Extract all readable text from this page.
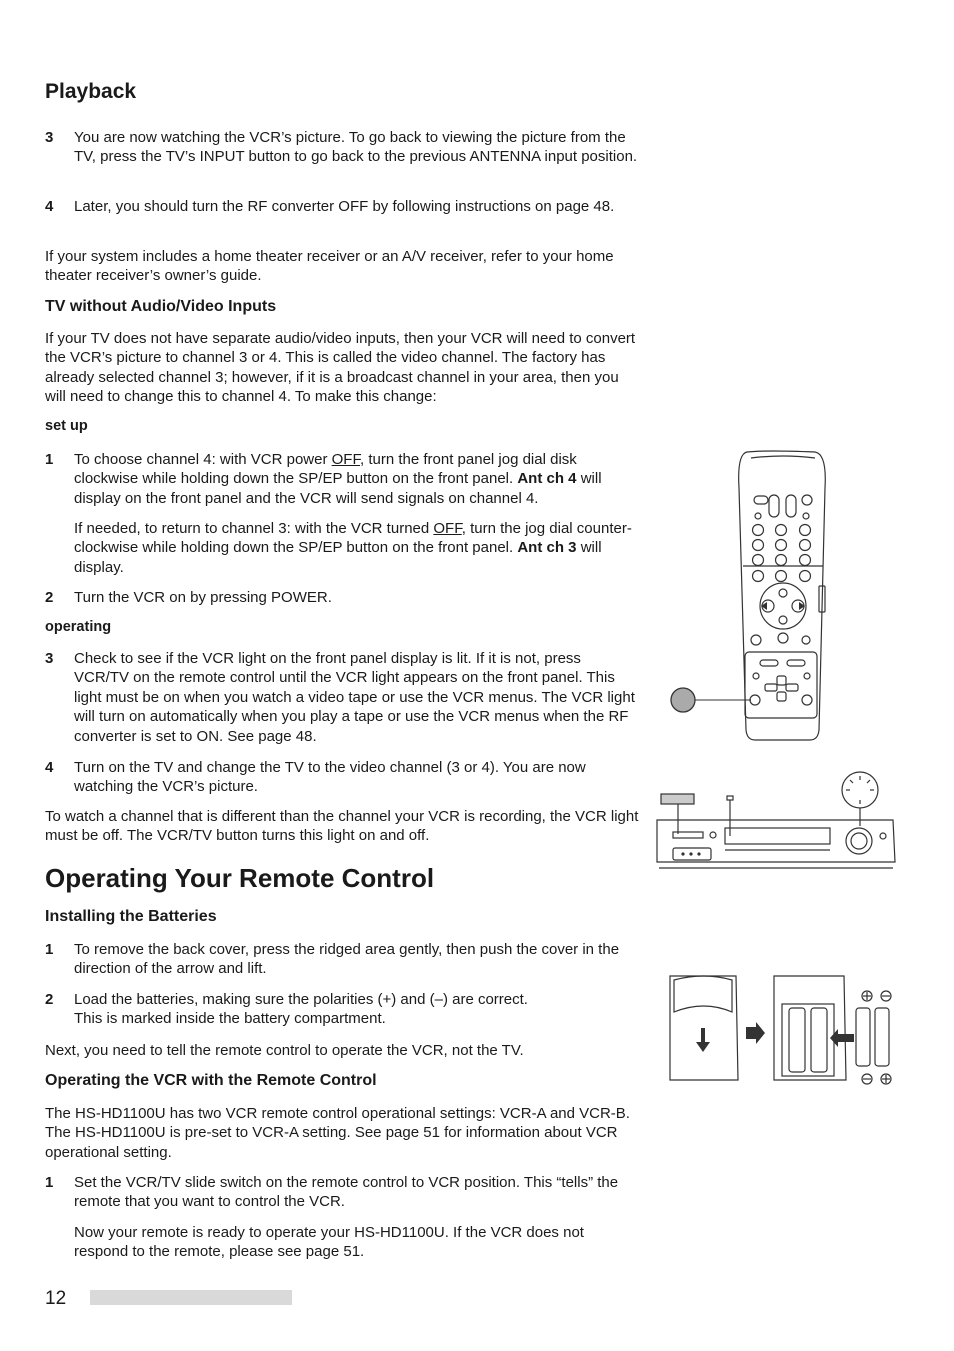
Playback
3	You are now watching the VCR’s picture. To go back to viewing the picture from the TV, press the TV’s INPUT button to go back to the previous ANTENNA input position.
4	Later, you should turn the RF converter OFF by following instructions on page 48.
If your system includes a home theater receiver or an A/V receiver, refer to your home theater receiver’s owner’s guide.
TV without Audio/Video Inputs
If your TV does not have separate audio/video inputs, then your VCR will need to convert the VCR’s picture to channel 3 or 4. This is called the video channel. The factory has already selected channel 3; however, if it is a broadcast channel in your area, then you will need to change this to channel 4. To make this change:
set up
1	To choose channel 4: with VCR power OFF, turn the front panel jog dial disk clockwise while holding down the SP/EP button on the front panel. Ant ch 4 will display on the front panel and the VCR will send signals on channel 4.
If needed, to return to channel 3: with the VCR turned OFF, turn the jog dial counter-clockwise while holding down the SP/EP button on the front panel. Ant ch 3 will display.
2	Turn the VCR on by pressing POWER.
operating
3	Check to see if the VCR light on the front panel display is lit. If it is not, press VCR/TV on the remote control until the VCR light appears on the front panel. This light must be on when you watch a video tape or use the VCR menus. The VCR light will turn on automatically when you play a tape or use the VCR menus when the RF converter is set to ON. See page 48.
4	Turn on the TV and change the TV to the video channel (3 or 4). You are now watching the VCR’s picture.
To watch a channel that is different than the channel your VCR is recording, the VCR light must be off. The VCR/TV button turns this light on and off.
Operating Your Remote Control
Installing the Batteries
1	To remove the back cover, press the ridged area gently, then push the cover in the direction of the arrow and lift.
2	Load the batteries, making sure the polarities (+) and (–) are correct.
This is marked inside the battery compartment.
Next, you need to tell the remote control to operate the VCR, not the TV.
Operating the VCR with the Remote Control
The HS-HD1100U has two VCR remote control operational settings: VCR-A and VCR-B. The HS-HD1100U is pre-set to VCR-A setting. See page 51 for information about VCR operational setting.
1	Set the VCR/TV slide switch on the remote control to VCR position. This “tells” the remote that you want to control the VCR.
Now your remote is ready to operate your HS-HD1100U. If the VCR does not respond to the remote, please see page 51.
12
